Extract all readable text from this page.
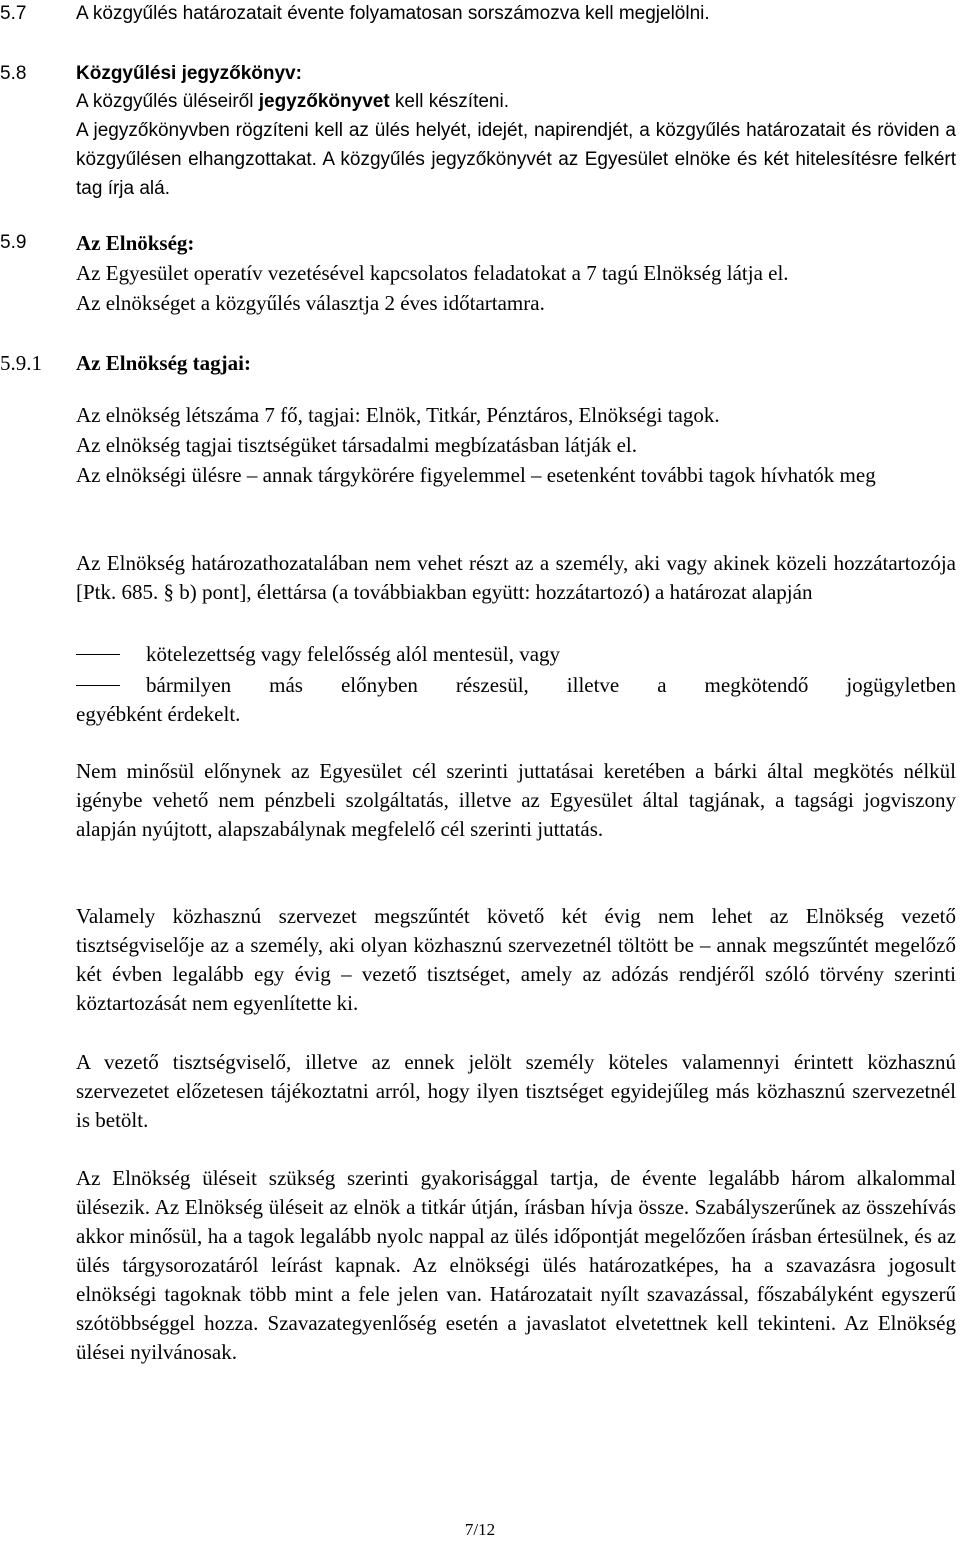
5.7	A közgyűlés határozatait évente folyamatosan sorszámozva kell megjelölni.
5.8	Közgyűlési jegyzőkönyv:
A közgyűlés üléseiről jegyzőkönyvet kell készíteni.
A jegyzőkönyvben rögzíteni kell az ülés helyét, idejét, napirendjét, a közgyűlés határozatait és röviden a közgyűlésen elhangzottakat. A közgyűlés jegyzőkönyvét az Egyesület elnöke és két hitelesítésre felkért tag írja alá.
5.9 Az Elnökség:
Az Egyesület operatív vezetésével kapcsolatos feladatokat a 7 tagú Elnökség látja el.
Az elnökséget a közgyűlés választja 2 éves időtartamra.
5.9.1 Az Elnökség tagjai:
Az elnökség létszáma 7 fő, tagjai: Elnök, Titkár, Pénztáros, Elnökségi tagok.
Az elnökség tagjai tisztségüket társadalmi megbízatásban látják el.
Az elnökségi ülésre – annak tárgykörére figyelemmel – esetenként további tagok hívhatók meg
Az Elnökség határozathozatalában nem vehet részt az a személy, aki vagy akinek közeli hozzátartozója [Ptk. 685. § b) pont], élettársa (a továbbiakban együtt: hozzátartozó) a határozat alapján
kötelezettség vagy felelősség alól mentesül, vagy
bármilyen más előnyben részesül, illetve a megkötendő jogügyletben
egyébként érdekelt.
Nem minősül előnynek az Egyesület cél szerinti juttatásai keretében a bárki által megkötés nélkül igénybe vehető nem pénzbeli szolgáltatás, illetve az Egyesület által tagjának, a tagsági jogviszony alapján nyújtott, alapszabálynak megfelelő cél szerinti juttatás.
Valamely közhasznú szervezet megszűntét követő két évig nem lehet az Elnökség vezető tisztségviselője az a személy, aki olyan közhasznú szervezetnél töltött be – annak megszűntét megelőző két évben legalább egy évig – vezető tisztséget, amely az adózás rendjéről szóló törvény szerinti köztartozását nem egyenlítette ki.
A vezető tisztségviselő, illetve az ennek jelölt személy köteles valamennyi érintett közhasznú szervezetet előzetesen tájékoztatni arról, hogy ilyen tisztséget egyidejűleg más közhasznú szervezetnél is betölt.
Az Elnökség üléseit szükség szerinti gyakorisággal tartja, de évente legalább három alkalommal ülésezik. Az Elnökség üléseit az elnök a titkár útján, írásban hívja össze. Szabályszerűnek az összehívás akkor minősül, ha a tagok legalább nyolc nappal az ülés időpontját megelőzően írásban értesülnek, és az ülés tárgysorozatáról leírást kapnak. Az elnökségi ülés határozatképes, ha a szavazásra jogosult elnökségi tagoknak több mint a fele jelen van. Határozatait nyílt szavazással, főszabályként egyszerű szótöbbséggel hozza. Szavazategyenlőség esetén a javaslatot elvetettnek kell tekinteni. Az Elnökség ülései nyilvánosak.
7/12
